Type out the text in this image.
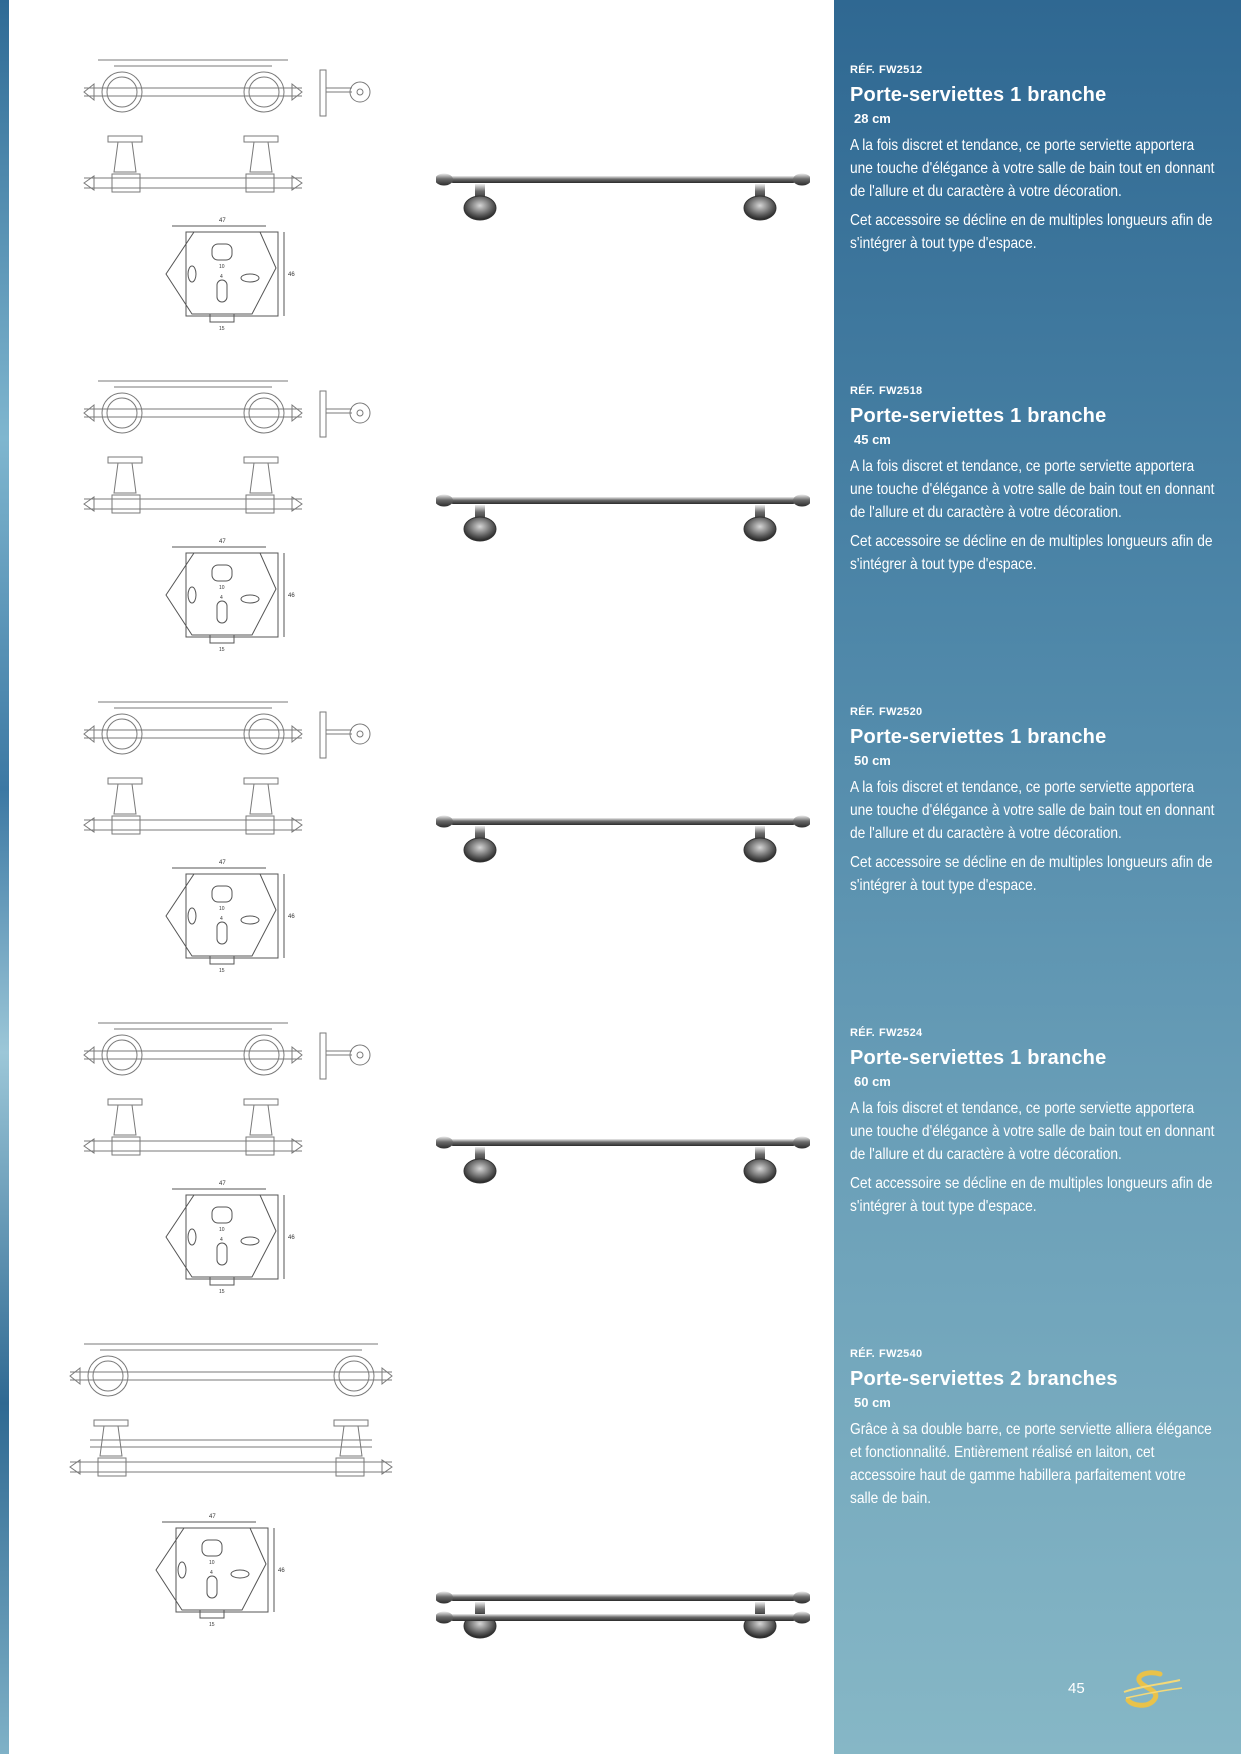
47
46
10
4
15
RÉF. FW2512
Porte-serviettes 1 branche
28 cm

A la fois discret et tendance, ce porte serviette apportera une touche d'élégance à votre salle de bain tout en donnant de l'allure et du caractère à votre décoration.

Cet accessoire se décline en de multiples longueurs afin de s'intégrer à tout type d'espace.

47
46
10
4
15
RÉF. FW2518
Porte-serviettes 1 branche
45 cm

A la fois discret et tendance, ce porte serviette apportera une touche d'élégance à votre salle de bain tout en donnant de l'allure et du caractère à votre décoration.

Cet accessoire se décline en de multiples longueurs afin de s'intégrer à tout type d'espace.

47
46
10
4
15
RÉF. FW2520
Porte-serviettes 1 branche
50 cm

A la fois discret et tendance, ce porte serviette apportera une touche d'élégance à votre salle de bain tout en donnant de l'allure et du caractère à votre décoration.

Cet accessoire se décline en de multiples longueurs afin de s'intégrer à tout type d'espace.

47
46
10
4
15
RÉF. FW2524
Porte-serviettes 1 branche
60 cm

A la fois discret et tendance, ce porte serviette apportera une touche d'élégance à votre salle de bain tout en donnant de l'allure et du caractère à votre décoration.

Cet accessoire se décline en de multiples longueurs afin de s'intégrer à tout type d'espace.

47
46
10
4
15
RÉF. FW2540
Porte-serviettes 2 branches
50 cm

Grâce à sa double barre, ce porte serviette alliera élégance et fonctionnalité. Entièrement réalisé en laiton, cet accessoire haut de gamme habillera parfaitement votre salle de bain.

45
